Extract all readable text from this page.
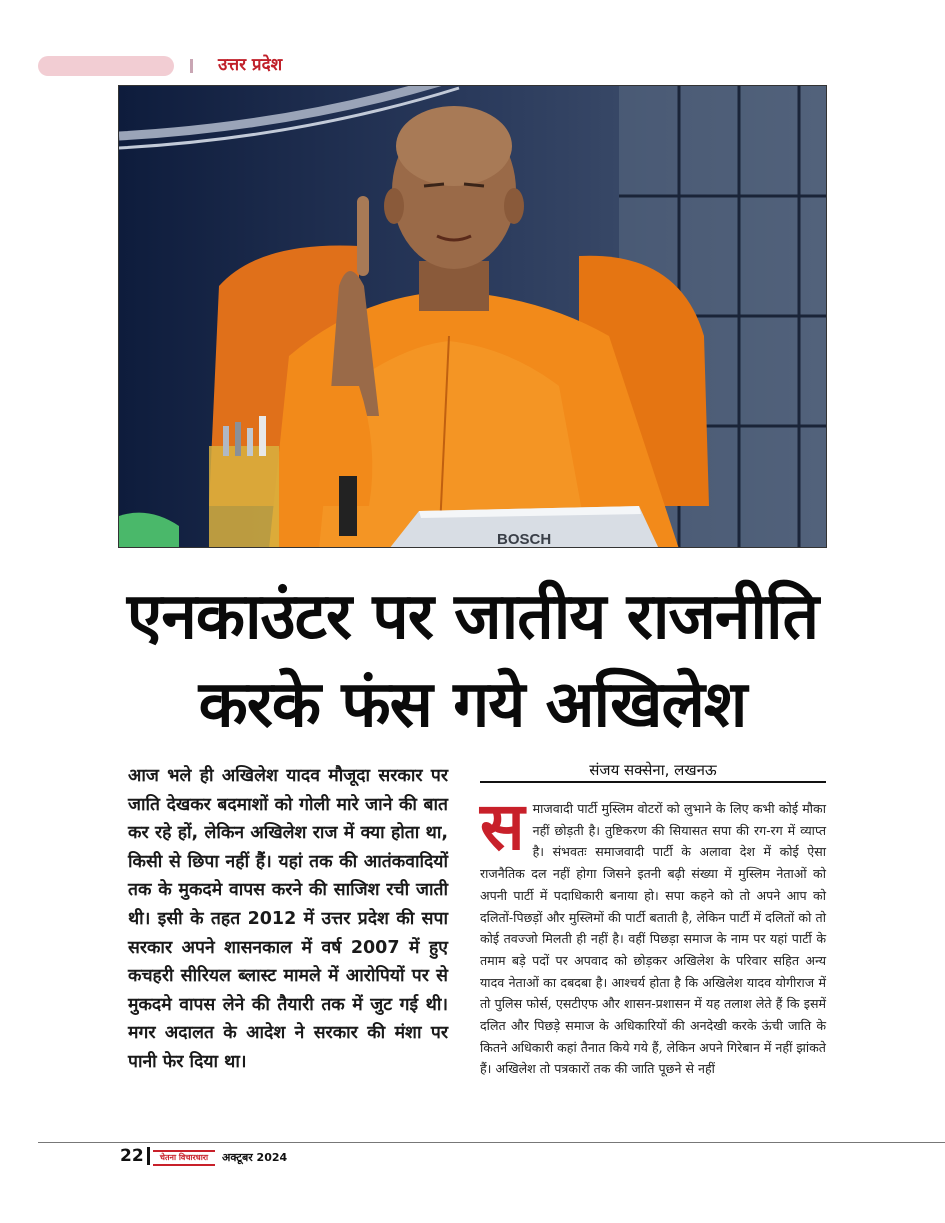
उत्तर प्रदेश
BOSCH
एनकाउंटर पर जातीय राजनीति
करके फंस गये अखिलेश
आज भले ही अखिलेश यादव मौजूदा सरकार पर जाति देखकर बदमाशों को गोली मारे जाने की बात कर रहे हों, लेकिन अखिलेश राज में क्या होता था, किसी से छिपा नहीं हैं। यहां तक की आतंकवादियों तक के मुकदमे वापस करने की साजिश रची जाती थी। इसी के तहत 2012 में उत्तर प्रदेश की सपा सरकार अपने शासनकाल में वर्ष 2007 में हुए कचहरी सीरियल ब्लास्ट मामले में आरोपियों पर से मुकदमे वापस लेने की तैयारी तक में जुट गई थी। मगर अदालत के आदेश ने सरकार की मंशा पर पानी फेर दिया था।
संजय सक्सेना, लखनऊ
समाजवादी पार्टी मुस्लिम वोटरों को लुभाने के लिए कभी कोई मौका नहीं छोड़ती है। तुष्टिकरण की सियासत सपा की रग-रग में व्याप्त है। संभवतः समाजवादी पार्टी के अलावा देश में कोई ऐसा राजनैतिक दल नहीं होगा जिसने इतनी बढ़ी संख्या में मुस्लिम नेताओं को अपनी पार्टी में पदाधिकारी बनाया हो। सपा कहने को तो अपने आप को दलितों-पिछड़ों और मुस्लिमों की पार्टी बताती है, लेकिन पार्टी में दलितों को तो कोई तवज्जो मिलती ही नहीं है। वहीं पिछड़ा समाज के नाम पर यहां पार्टी के तमाम बड़े पदों पर अपवाद को छोड़कर अखिलेश के परिवार सहित अन्य यादव नेताओं का दबदबा है। आश्चर्य होता है कि अखिलेश यादव योगीराज में तो पुलिस फोर्स, एसटीएफ और शासन-प्रशासन में यह तलाश लेते हैं कि इसमें दलित और पिछड़े समाज के अधिकारियों की अनदेखी करके ऊंची जाति के कितने अधिकारी कहां तैनात किये गये हैं, लेकिन अपने गिरेबान में नहीं झांकते हैं। अखिलेश तो पत्रकारों तक की जाति पूछने से नहीं
22	चेतना विचारधारा	अक्टूबर 2024
